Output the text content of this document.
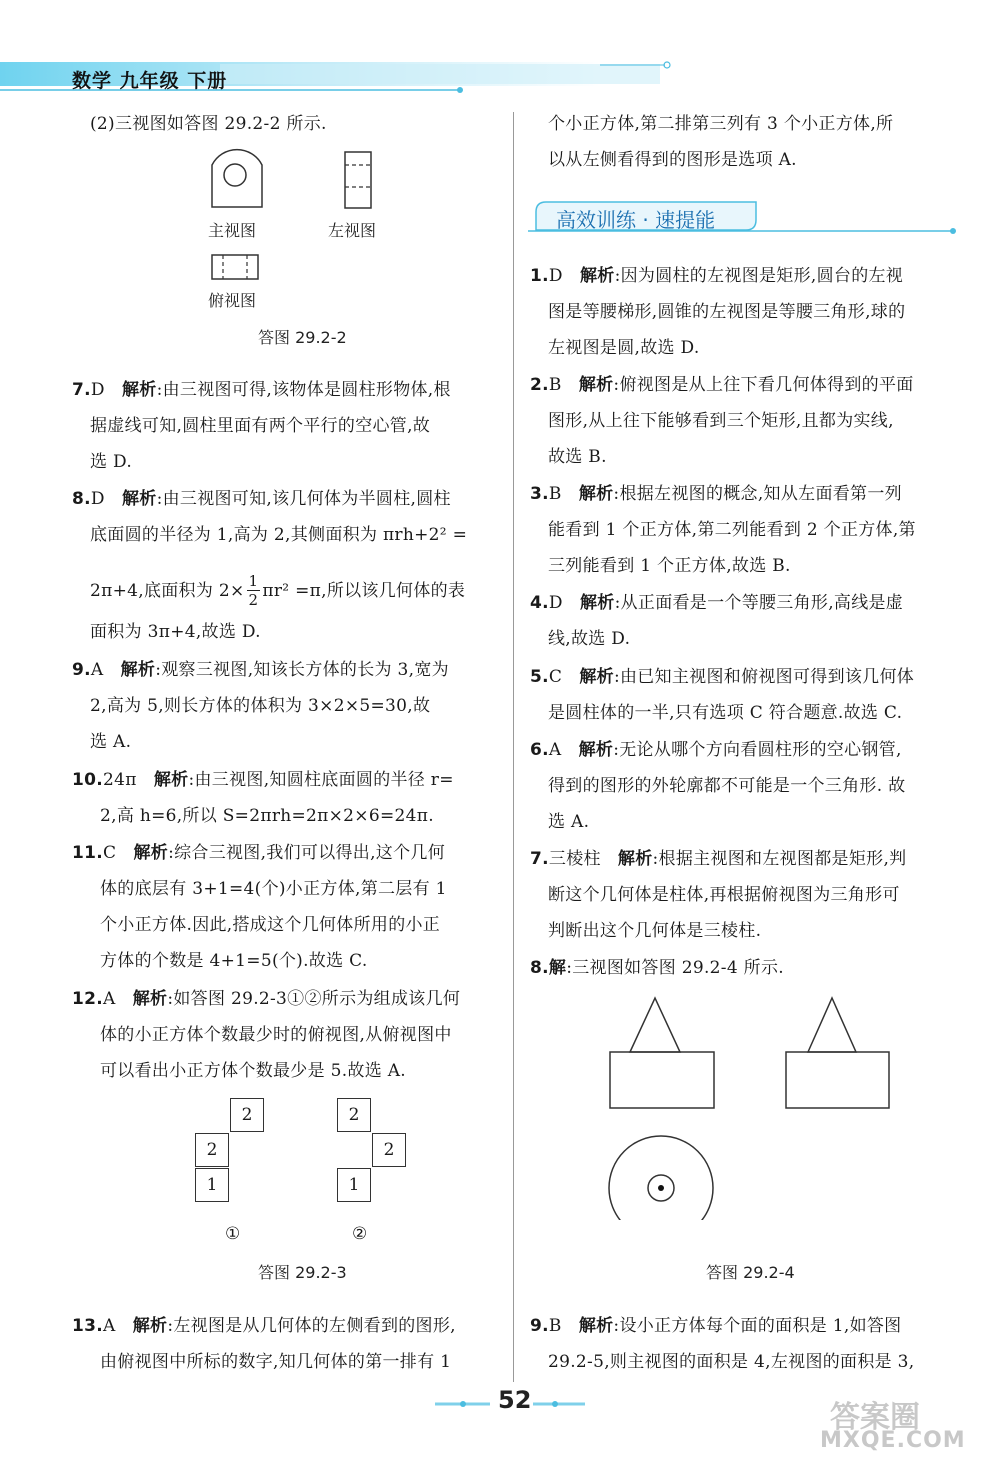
数学 九年级 下册
(2)三视图如答图 29.2-2 所示.
主视图	左视图
俯视图
答图 29.2-2
7.D 解析:由三视图可得,该物体是圆柱形物体,根
据虚线可知,圆柱里面有两个平行的空心管,故
选 D.
8.D 解析:由三视图可知,该几何体为半圆柱,圆柱
底面圆的半径为 1,高为 2,其侧面积为 πrh+2² =
2π+4,底面积为 $2\times \frac{1}{2} \pi r^2 =\pi$,所以该几何体的表
面积为 3π+4,故选 D.
9.A 解析:观察三视图,知该长方体的长为 3,宽为
2,高为 5,则长方体的体积为 3×2×5=30,故
选 A.
10.24π 解析:由三视图,知圆柱底面圆的半径 r=
2,高 h=6,所以 S=2πrh=2π×2×6=24π.
11.C 解析:综合三视图,我们可以得出,这个几何
体的底层有 3+1=4(个)小正方体,第二层有 1
个小正方体.因此,搭成这个几何体所用的小正
方体的个数是 4+1=5(个).故选 C.
12.A 解析:如答图 29.2-3①②所示为组成该几何
体的小正方体个数最少时的俯视图,从俯视图中
可以看出小正方体个数最少是 5.故选 A.
2
2
1
2
2
1
①	②
答图 29.2-3
13.A 解析:左视图是从几何体的左侧看到的图形,
由俯视图中所标的数字,知几何体的第一排有 1
个小正方体,第二排第三列有 3 个小正方体,所
以从左侧看得到的图形是选项 A.
高效训练 · 速提能
1.D 解析:因为圆柱的左视图是矩形,圆台的左视
图是等腰梯形,圆锥的左视图是等腰三角形,球的
左视图是圆,故选 D.
2.B 解析:俯视图是从上往下看几何体得到的平面
图形,从上往下能够看到三个矩形,且都为实线,
故选 B.
3.B 解析:根据左视图的概念,知从左面看第一列
能看到 1 个正方体,第二列能看到 2 个正方体,第
三列能看到 1 个正方体,故选 B.
4.D 解析:从正面看是一个等腰三角形,高线是虚
线,故选 D.
5.C 解析:由已知主视图和俯视图可得到该几何体
是圆柱体的一半,只有选项 C 符合题意.故选 C.
6.A 解析:无论从哪个方向看圆柱形的空心钢管,
得到的图形的外轮廓都不可能是一个三角形. 故
选 A.
7.三棱柱 解析:根据主视图和左视图都是矩形,判
断这个几何体是柱体,再根据俯视图为三角形可
判断出这个几何体是三棱柱.
8.解:三视图如答图 29.2-4 所示.
答图 29.2-4
9.B 解析:设小正方体每个面的面积是 1,如答图
29.2-5,则主视图的面积是 4,左视图的面积是 3,
52	答案圈
MXQE.COM
